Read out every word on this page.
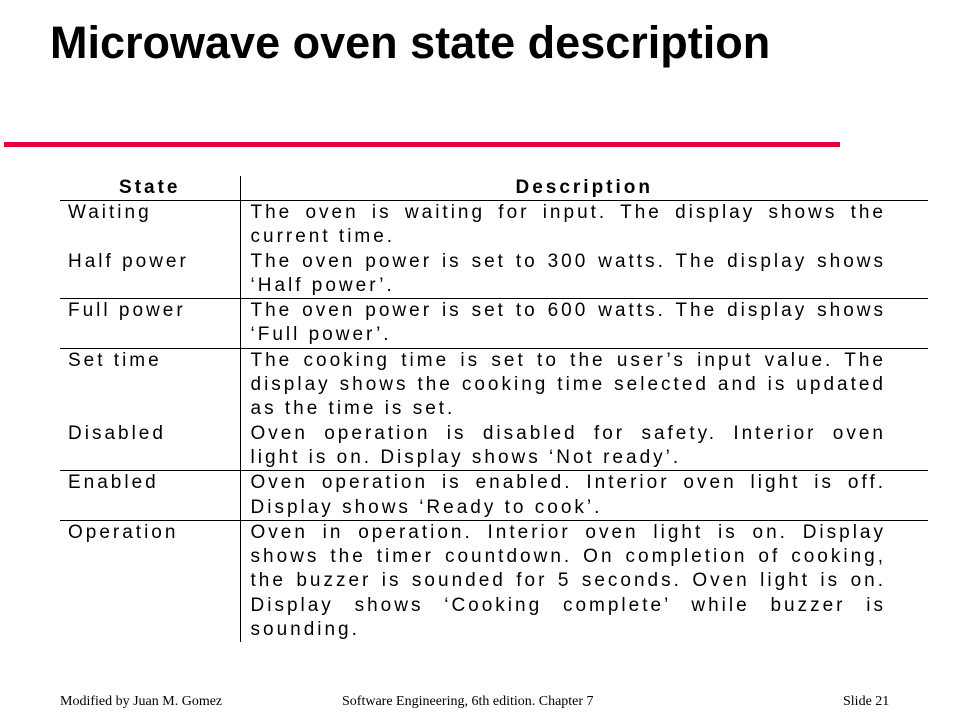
Microwave oven state description
State	Description
Waiting	The oven is waiting for input. The display shows the current time.
Half power	The oven power is set to 300 watts. The display shows ‘Half power’.
Full power	The oven power is set to 600 watts. The display shows ‘Full power’.
Set time	The cooking time is set to the user’s input value. The display shows the cooking time selected and is updated as the time is set.
Disabled	Oven operation is disabled for safety. Interior oven light is on. Display shows ‘Not ready’.
Enabled	Oven operation is enabled. Interior oven light is off. Display shows ‘Ready to cook’.
Operation	Oven in operation. Interior oven light is on. Display shows the timer countdown. On completion of cooking, the buzzer is sounded for 5 seconds. Oven light is on. Display shows ‘Cooking complete’ while buzzer is sounding.
Modified by Juan M. Gomez	Software Engineering, 6th edition. Chapter 7	Slide 21
